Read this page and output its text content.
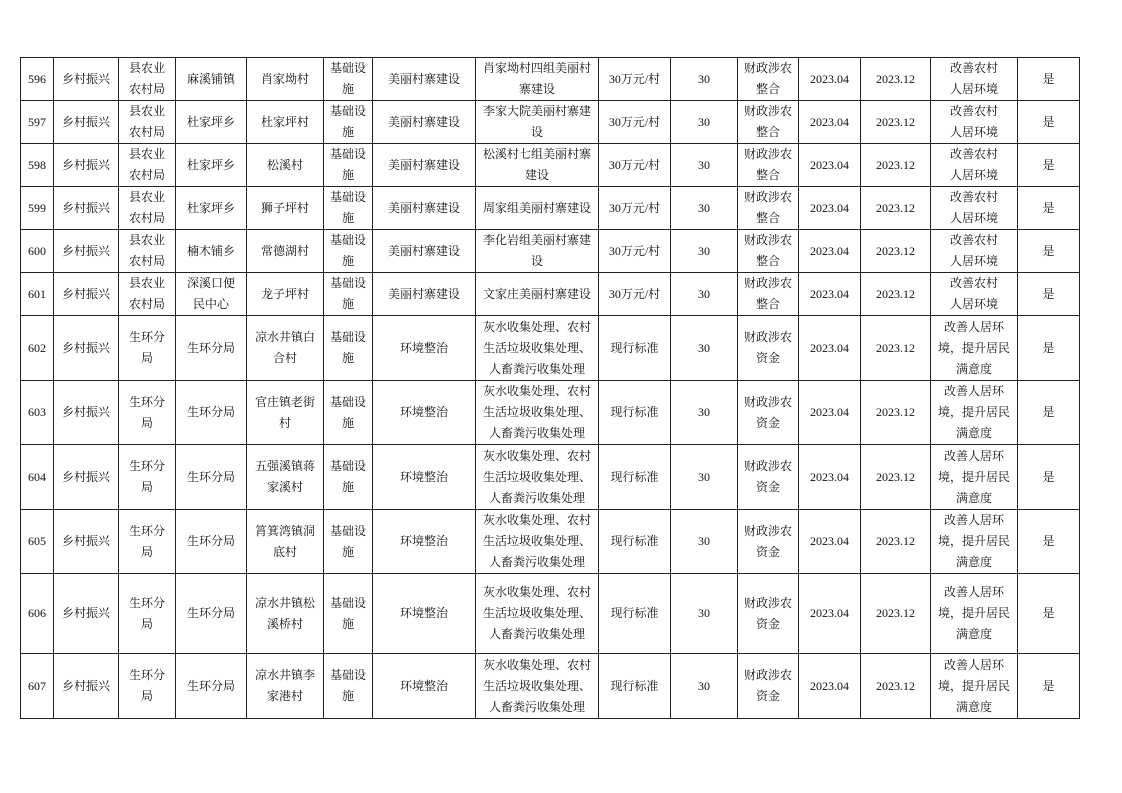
596	乡村振兴	县农业农村局	麻溪铺镇	肖家坳村	基础设施	美丽村寨建设	肖家坳村四组美丽村寨建设	30万元/村	30	财政涉农整合	2023.04	2023.12	改善农村人居环境	是
597	乡村振兴	县农业农村局	杜家坪乡	杜家坪村	基础设施	美丽村寨建设	李家大院美丽村寨建设	30万元/村	30	财政涉农整合	2023.04	2023.12	改善农村人居环境	是
598	乡村振兴	县农业农村局	杜家坪乡	松溪村	基础设施	美丽村寨建设	松溪村七组美丽村寨建设	30万元/村	30	财政涉农整合	2023.04	2023.12	改善农村人居环境	是
599	乡村振兴	县农业农村局	杜家坪乡	狮子坪村	基础设施	美丽村寨建设	周家组美丽村寨建设	30万元/村	30	财政涉农整合	2023.04	2023.12	改善农村人居环境	是
600	乡村振兴	县农业农村局	楠木铺乡	常德湖村	基础设施	美丽村寨建设	李化岩组美丽村寨建设	30万元/村	30	财政涉农整合	2023.04	2023.12	改善农村人居环境	是
601	乡村振兴	县农业农村局	深溪口便民中心	龙子坪村	基础设施	美丽村寨建设	文家庄美丽村寨建设	30万元/村	30	财政涉农整合	2023.04	2023.12	改善农村人居环境	是
602	乡村振兴	生环分局	生环分局	凉水井镇白合村	基础设施	环境整治	灰水收集处理、农村生活垃圾收集处理、人畜粪污收集处理	现行标准	30	财政涉农资金	2023.04	2023.12	改善人居环境，提升居民满意度	是
603	乡村振兴	生环分局	生环分局	官庄镇老街村	基础设施	环境整治	灰水收集处理、农村生活垃圾收集处理、人畜粪污收集处理	现行标准	30	财政涉农资金	2023.04	2023.12	改善人居环境，提升居民满意度	是
604	乡村振兴	生环分局	生环分局	五强溪镇蒋家溪村	基础设施	环境整治	灰水收集处理、农村生活垃圾收集处理、人畜粪污收集处理	现行标准	30	财政涉农资金	2023.04	2023.12	改善人居环境，提升居民满意度	是
605	乡村振兴	生环分局	生环分局	筲箕湾镇洞底村	基础设施	环境整治	灰水收集处理、农村生活垃圾收集处理、人畜粪污收集处理	现行标准	30	财政涉农资金	2023.04	2023.12	改善人居环境，提升居民满意度	是
606	乡村振兴	生环分局	生环分局	凉水井镇松溪桥村	基础设施	环境整治	灰水收集处理、农村生活垃圾收集处理、人畜粪污收集处理	现行标准	30	财政涉农资金	2023.04	2023.12	改善人居环境，提升居民满意度	是
607	乡村振兴	生环分局	生环分局	凉水井镇李家港村	基础设施	环境整治	灰水收集处理、农村生活垃圾收集处理、人畜粪污收集处理	现行标准	30	财政涉农资金	2023.04	2023.12	改善人居环境，提升居民满意度	是
